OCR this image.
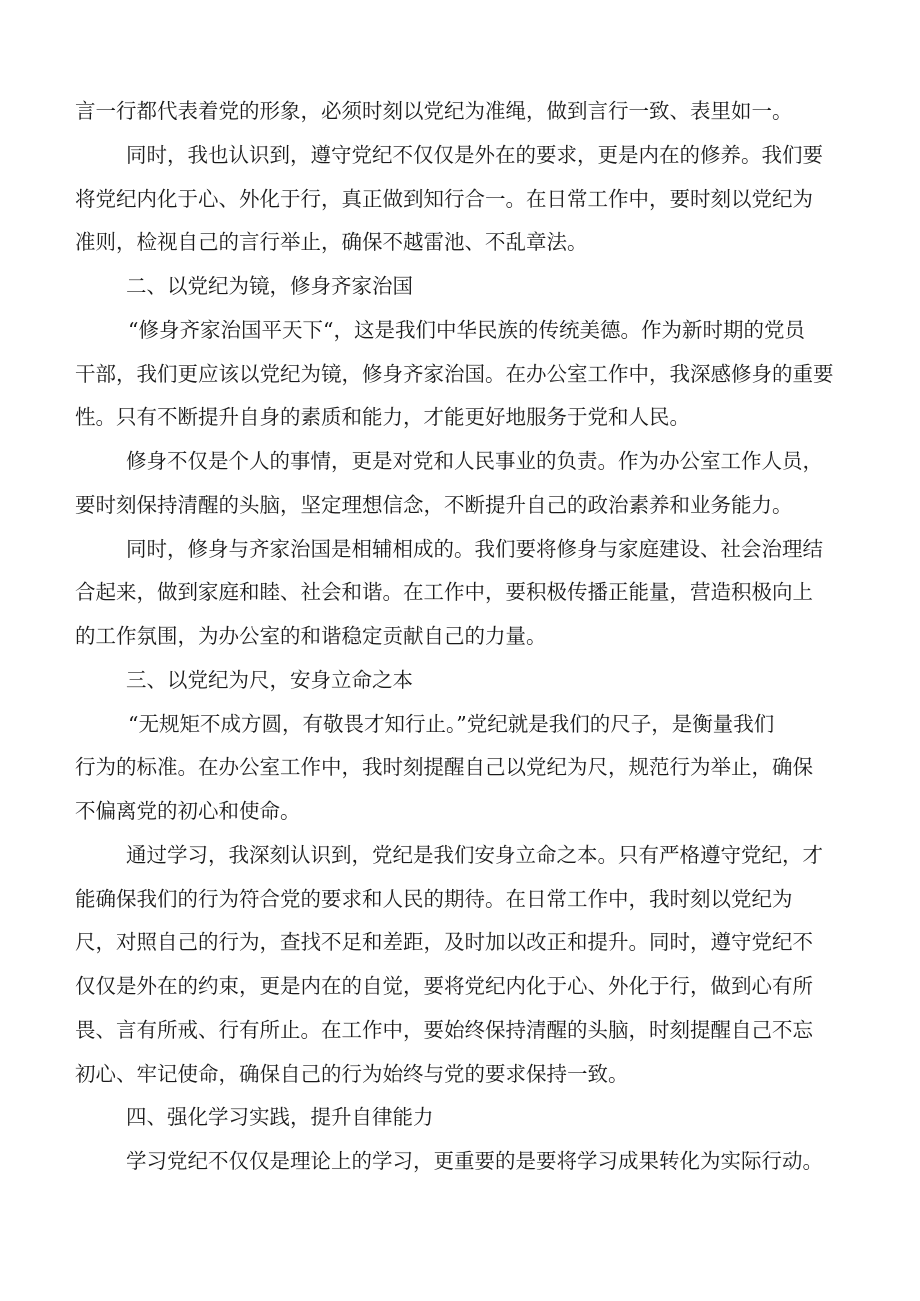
言一行都代表着党的形象，必须时刻以党纪为准绳，做到言行一致、表里如一。
同时，我也认识到，遵守党纪不仅仅是外在的要求，更是内在的修养。我们要
将党纪内化于心、外化于行，真正做到知行合一。在日常工作中，要时刻以党纪为
准则，检视自己的言行举止，确保不越雷池、不乱章法。
二、以党纪为镜，修身齐家治国
“修身齐家治国平天下“，这是我们中华民族的传统美德。作为新时期的党员
干部，我们更应该以党纪为镜，修身齐家治国。在办公室工作中，我深感修身的重要
性。只有不断提升自身的素质和能力，才能更好地服务于党和人民。
修身不仅是个人的事情，更是对党和人民事业的负责。作为办公室工作人员，
要时刻保持清醒的头脑，坚定理想信念，不断提升自己的政治素养和业务能力。
同时，修身与齐家治国是相辅相成的。我们要将修身与家庭建设、社会治理结
合起来，做到家庭和睦、社会和谐。在工作中，要积极传播正能量，营造积极向上
的工作氛围，为办公室的和谐稳定贡献自己的力量。
三、以党纪为尺，安身立命之本
“无规矩不成方圆，有敬畏才知行止。”党纪就是我们的尺子，是衡量我们
行为的标准。在办公室工作中，我时刻提醒自己以党纪为尺，规范行为举止，确保
不偏离党的初心和使命。
通过学习，我深刻认识到，党纪是我们安身立命之本。只有严格遵守党纪，才
能确保我们的行为符合党的要求和人民的期待。在日常工作中，我时刻以党纪为
尺，对照自己的行为，查找不足和差距，及时加以改正和提升。同时，遵守党纪不
仅仅是外在的约束，更是内在的自觉，要将党纪内化于心、外化于行，做到心有所
畏、言有所戒、行有所止。在工作中，要始终保持清醒的头脑，时刻提醒自己不忘
初心、牢记使命，确保自己的行为始终与党的要求保持一致。
四、强化学习实践，提升自律能力
学习党纪不仅仅是理论上的学习，更重要的是要将学习成果转化为实际行动。
